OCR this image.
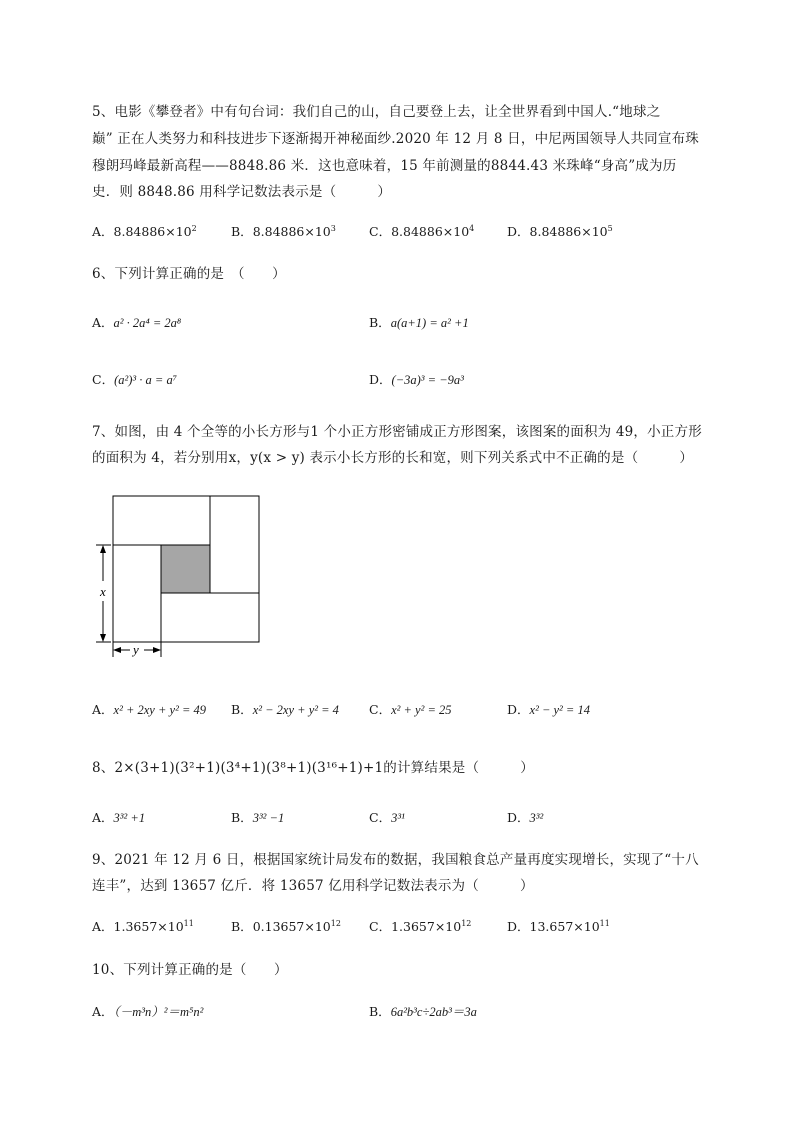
5、电影《攀登者》中有句台词：我们自己的山，自己要登上去，让全世界看到中国人.“地球之
巅” 正在人类努力和科技进步下逐渐揭开神秘面纱.2020 年 12 月 8 日，中尼两国领导人共同宣布珠
穆朗玛峰最新高程——8848.86 米．这也意味着，15 年前测量的8844.43 米珠峰“身高”成为历
史．则 8848.86 用科学记数法表示是（　　　）
A．$8.84886\times 10^2$	B．$8.84886\times 10^3$	C．$8.84886\times 10^4$	D．$8.84886\times 10^5$
6、下列计算正确的是　（　　）
A．a² · 2a⁴ = 2a⁸	B．a(a+1) = a² +1
C．(a²)³ · a = a⁷	D．(−3a)³ = −9a³
7、如图，由 4 个全等的小长方形与1 个小正方形密铺成正方形图案，该图案的面积为 49，小正方形
的面积为 4，若分别用x，y(x > y) 表示小长方形的长和宽，则下列关系式中不正确的是（　　　）
x
y
A．x² + 2xy + y² = 49 B．x² − 2xy + y² = 4 C．x² + y² = 25	D．x² − y² = 14
8、2×(3+1)(3²+1)(3⁴+1)(3⁸+1)(3¹⁶+1)+1的计算结果是（　　　）
A．3³² +1	B．3³² −1	C．3³¹	D．3³²
9、2021 年 12 月 6 日，根据国家统计局发布的数据，我国粮食总产量再度实现增长，实现了“十八
连丰”，达到 13657 亿斤．将 13657 亿用科学记数法表示为（　　　）
A．$1.3657\times 10^{11}$	B．$0.13657\times 10^{12}$ C．$1.3657\times 10^{12}$	D．$13.657\times 10^{11}$
10、下列计算正确的是（　　）
A．（－m³n）²＝m⁵n²	B．6a²b³c÷2ab³＝3a
